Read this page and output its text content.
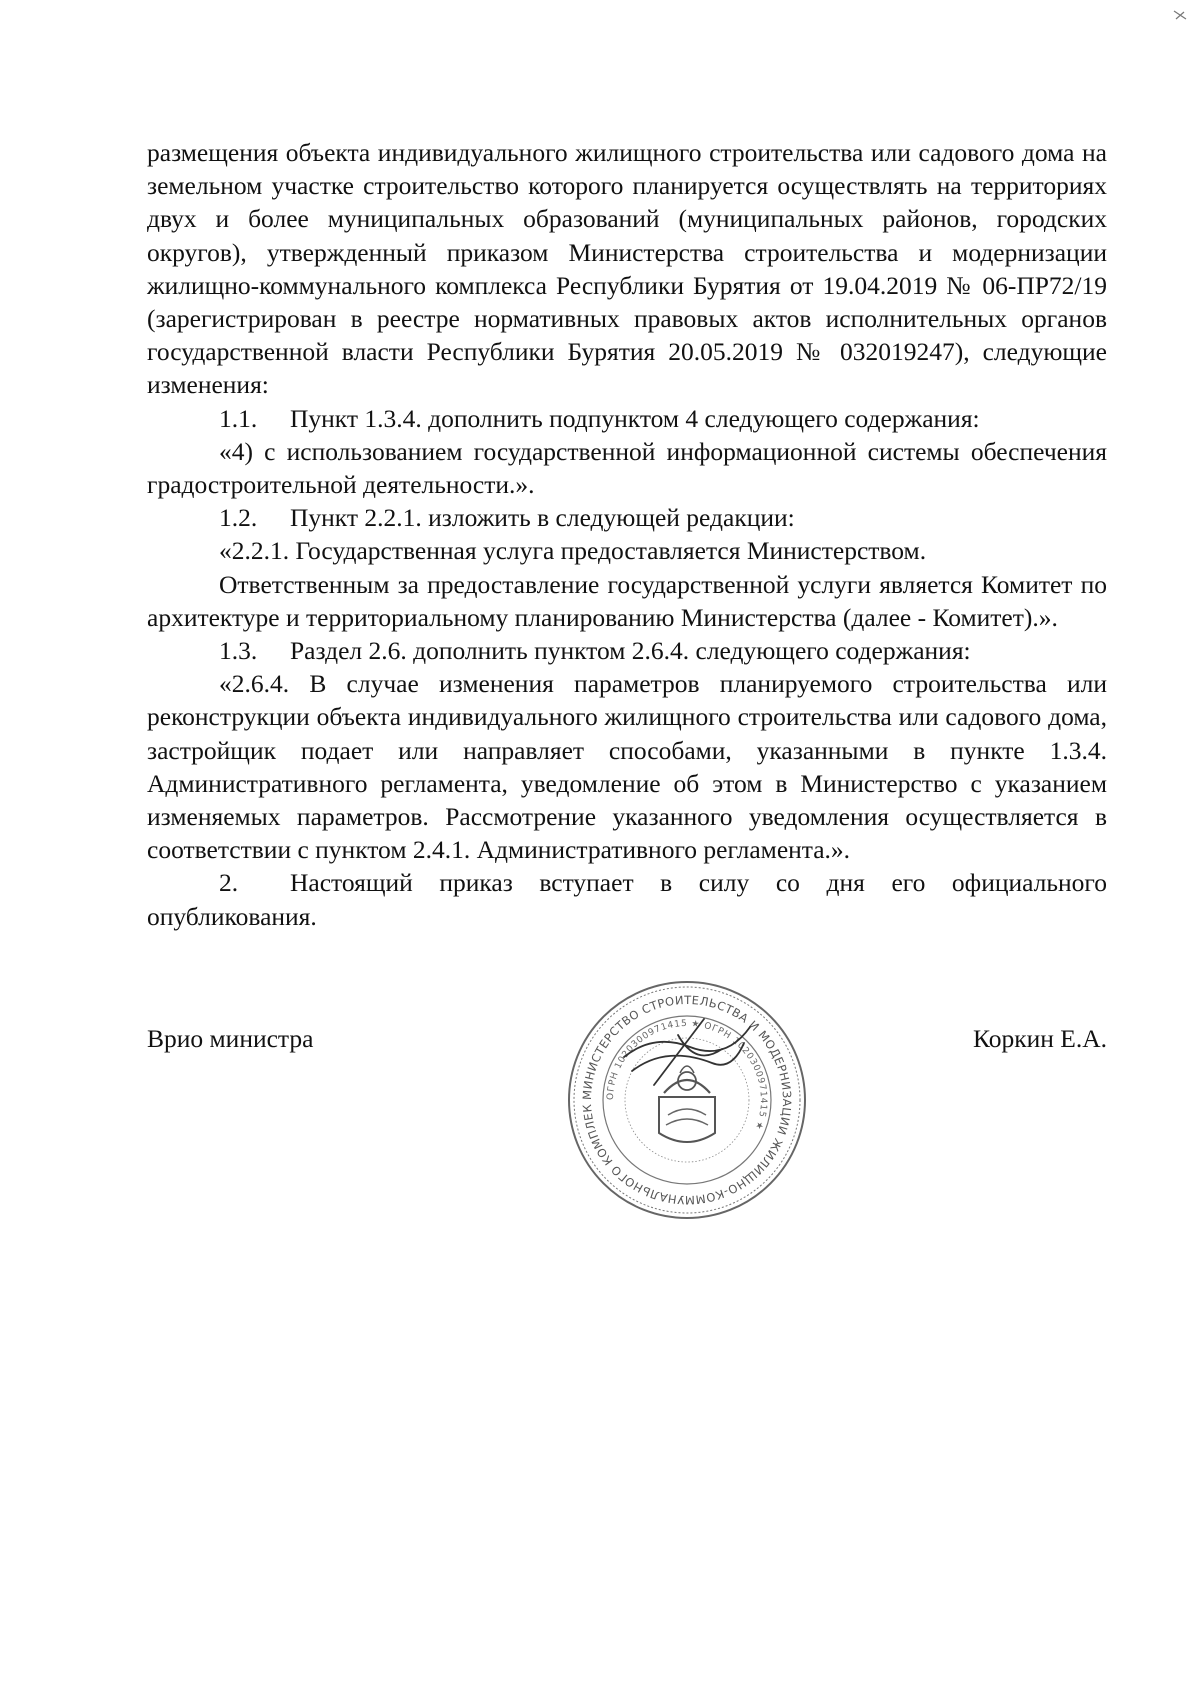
размещения объекта индивидуального жилищного строительства или садового дома на земельном участке строительство которого планируется осуществлять на территориях двух и более муниципальных образований (муниципальных районов, городских округов), утвержденный приказом Министерства строительства и модернизации жилищно-коммунального комплекса Республики Бурятия от 19.04.2019 № 06-ПР72/19 (зарегистрирован в реестре нормативных правовых актов исполнительных органов государственной власти Республики Бурятия 20.05.2019 № 032019247), следующие изменения:

1.1. Пункт 1.3.4. дополнить подпунктом 4 следующего содержания:

«4) с использованием государственной информационной системы обеспечения градостроительной деятельности.».

1.2. Пункт 2.2.1. изложить в следующей редакции:

«2.2.1. Государственная услуга предоставляется Министерством.

Ответственным за предоставление государственной услуги является Комитет по архитектуре и территориальному планированию Министерства (далее - Комитет).».

1.3. Раздел 2.6. дополнить пунктом 2.6.4. следующего содержания:

«2.6.4. В случае изменения параметров планируемого строительства или реконструкции объекта индивидуального жилищного строительства или садового дома, застройщик подает или направляет способами, указанными в пункте 1.3.4. Административного регламента, уведомление об этом в Министерство с указанием изменяемых параметров. Рассмотрение указанного уведомления осуществляется в соответствии с пунктом 2.4.1. Административного регламента.».

2. Настоящий приказ вступает в силу со дня его официального опубликования.

МИНИСТЕРСТВО СТРОИТЕЛЬСТВА И МОДЕРНИЗАЦИИ ЖИЛИЩНО-КОММУНАЛЬНОГО КОМПЛЕК
ОГРН 1020300971415 ★ ОГРН 1020300971415 ★
Врио министра	Коркин Е.А.
